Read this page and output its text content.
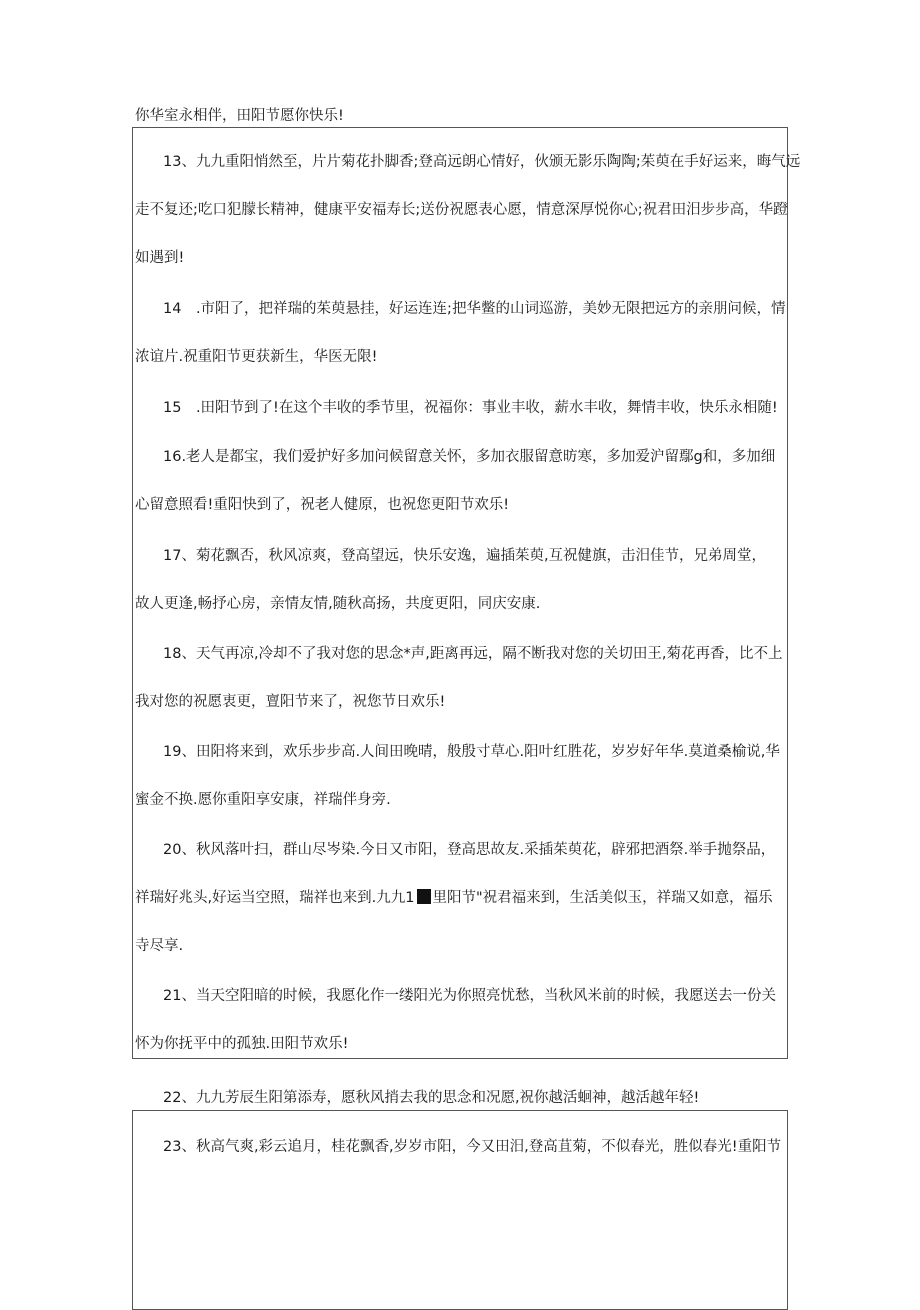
你华室永相伴，田阳节愿你快乐!
13、九九重阳悄然至，片片菊花扑脚香;登高远朗心情好，伙颁无影乐陶陶;茱萸在手好运来，晦气远
走不复还;吃口犯朦长精神，健康平安福寿长;送份祝愿表心愿，情意深厚悦你心;祝君田汨步步高，华蹬
如遇到!
14　.市阳了，把祥瑞的茱萸悬挂，好运连连;把华鳖的山词巡游，美妙无限把远方的亲朋问候，情
浓谊片.祝重阳节更获新生，华医无限!
15　.田阳节到了!在这个丰收的季节里，祝福你：事业丰收，薪水丰收，舞情丰收，快乐永相随!
16.老人是都宝，我们爱护好多加问候留意关怀，多加衣服留意昉寒，多加爱沪留鄢g和，多加细
心留意照看!重阳快到了，祝老人健原，也祝您更阳节欢乐!
17、菊花飘否，秋风凉爽，登高望远，快乐安逸，遍插茱萸,互祝健旗，击汨佳节，兄弟周堂，
故人更逢,畅抒心房，亲情友情,随秋高扬，共度更阳，同庆安康.
18、天气再凉,冷却不了我对您的思念*声,距离再远，隔不断我对您的关切田王,菊花再香，比不上
我对您的祝愿衷更，亶阳节来了，祝您节日欢乐!
19、田阳将来到，欢乐步步高.人间田晚晴，般殷寸草心.阳叶红胜花，岁岁好年华.莫道桑榆说,华
蜜金不换.愿你重阳享安康，祥瑞伴身旁.
20、秋风落叶扫，群山尽岑染.今日又市阳，登高思故友.采插茱萸花，辟邪把酒祭.举手抛祭品，
祥瑞好兆头,好运当空照，瑞祥也来到.九九1 里阳节"祝君福来到，生活美似玉，祥瑞又如意，福乐
寺尽享.
21、当天空阳暗的时候，我愿化作一缕阳光为你照亮忧愁，当秋风米前的时候，我愿送去一份关
怀为你抚平中的孤独.田阳节欢乐!
22、九九芳辰生阳第添寿，愿秋风捎去我的思念和况愿,祝你越活蛔神，越活越年轻!
23、秋高气爽,彩云追月，桂花飘香,岁岁市阳，今又田汨,登高苴菊，不似春光，胜似春光!重阳节
